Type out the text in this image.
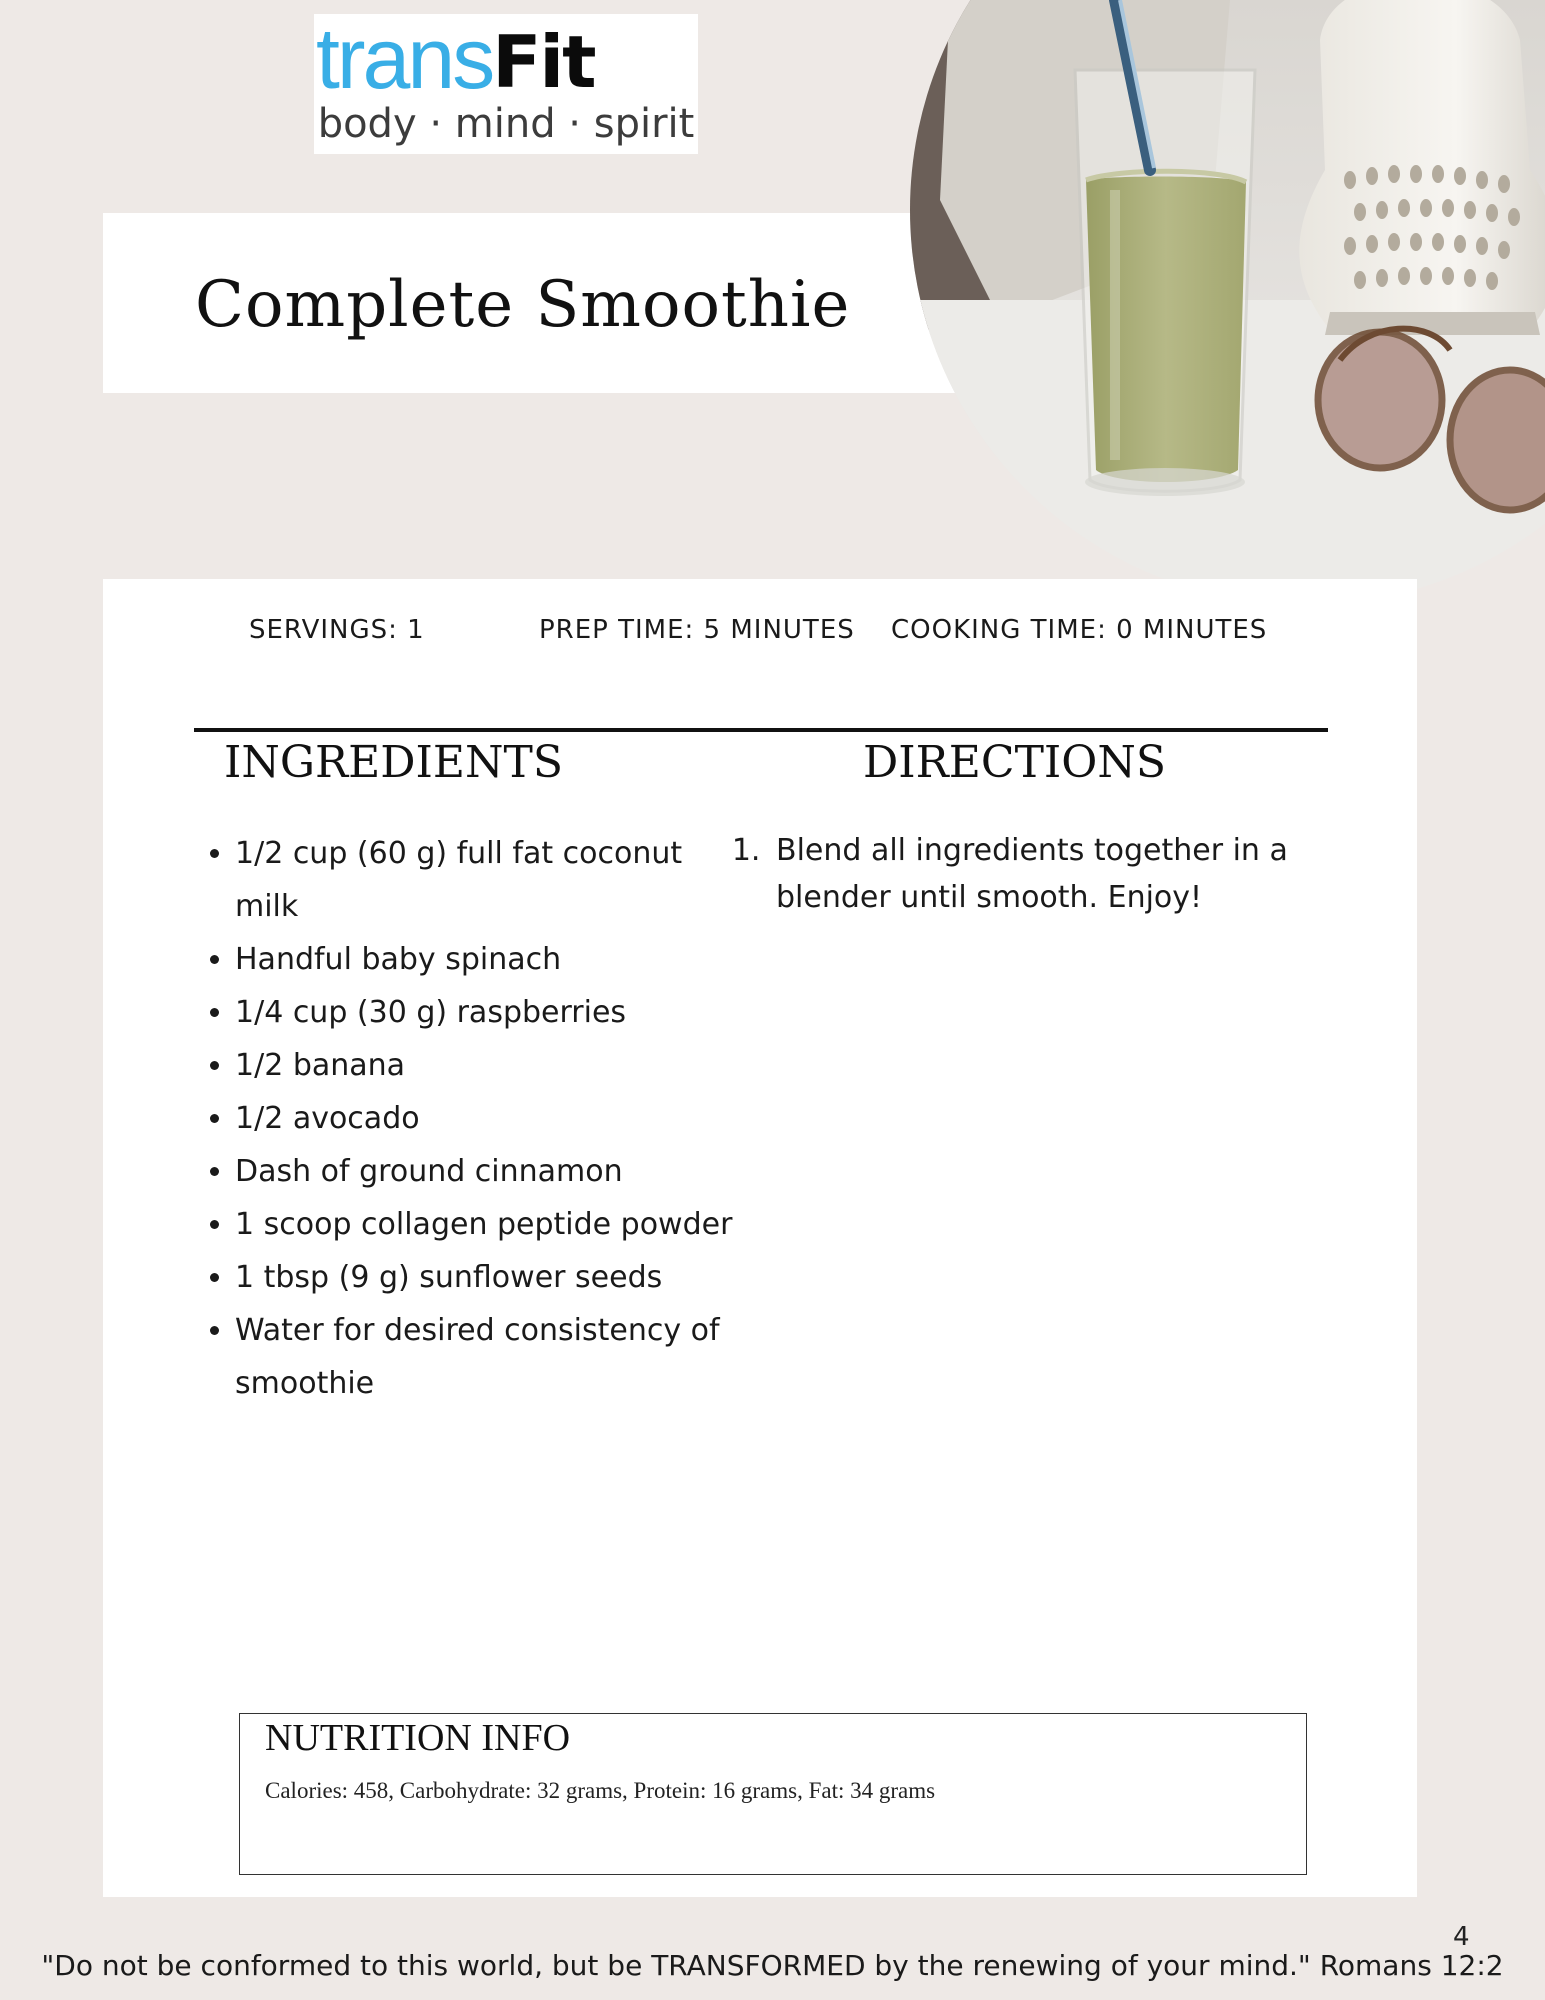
transFit
body · mind · spirit
Complete Smoothie
SERVINGS: 1	PREP TIME: 5 MINUTES COOKING TIME: 0 MINUTES
INGREDIENTS	DIRECTIONS
• 1/2 cup (60 g) full fat coconut milk
• Handful baby spinach
• 1/4 cup (30 g) raspberries
• 1/2 banana
• 1/2 avocado
• Dash of ground cinnamon
• 1 scoop collagen peptide powder
• 1 tbsp (9 g) sunflower seeds
• Water for desired consistency of smoothie
1. Blend all ingredients together in a blender until smooth. Enjoy!
NUTRITION INFO
Calories: 458, Carbohydrate: 32 grams, Protein: 16 grams, Fat: 34 grams
4
"Do not be conformed to this world, but be TRANSFORMED by the renewing of your mind." Romans 12:2
